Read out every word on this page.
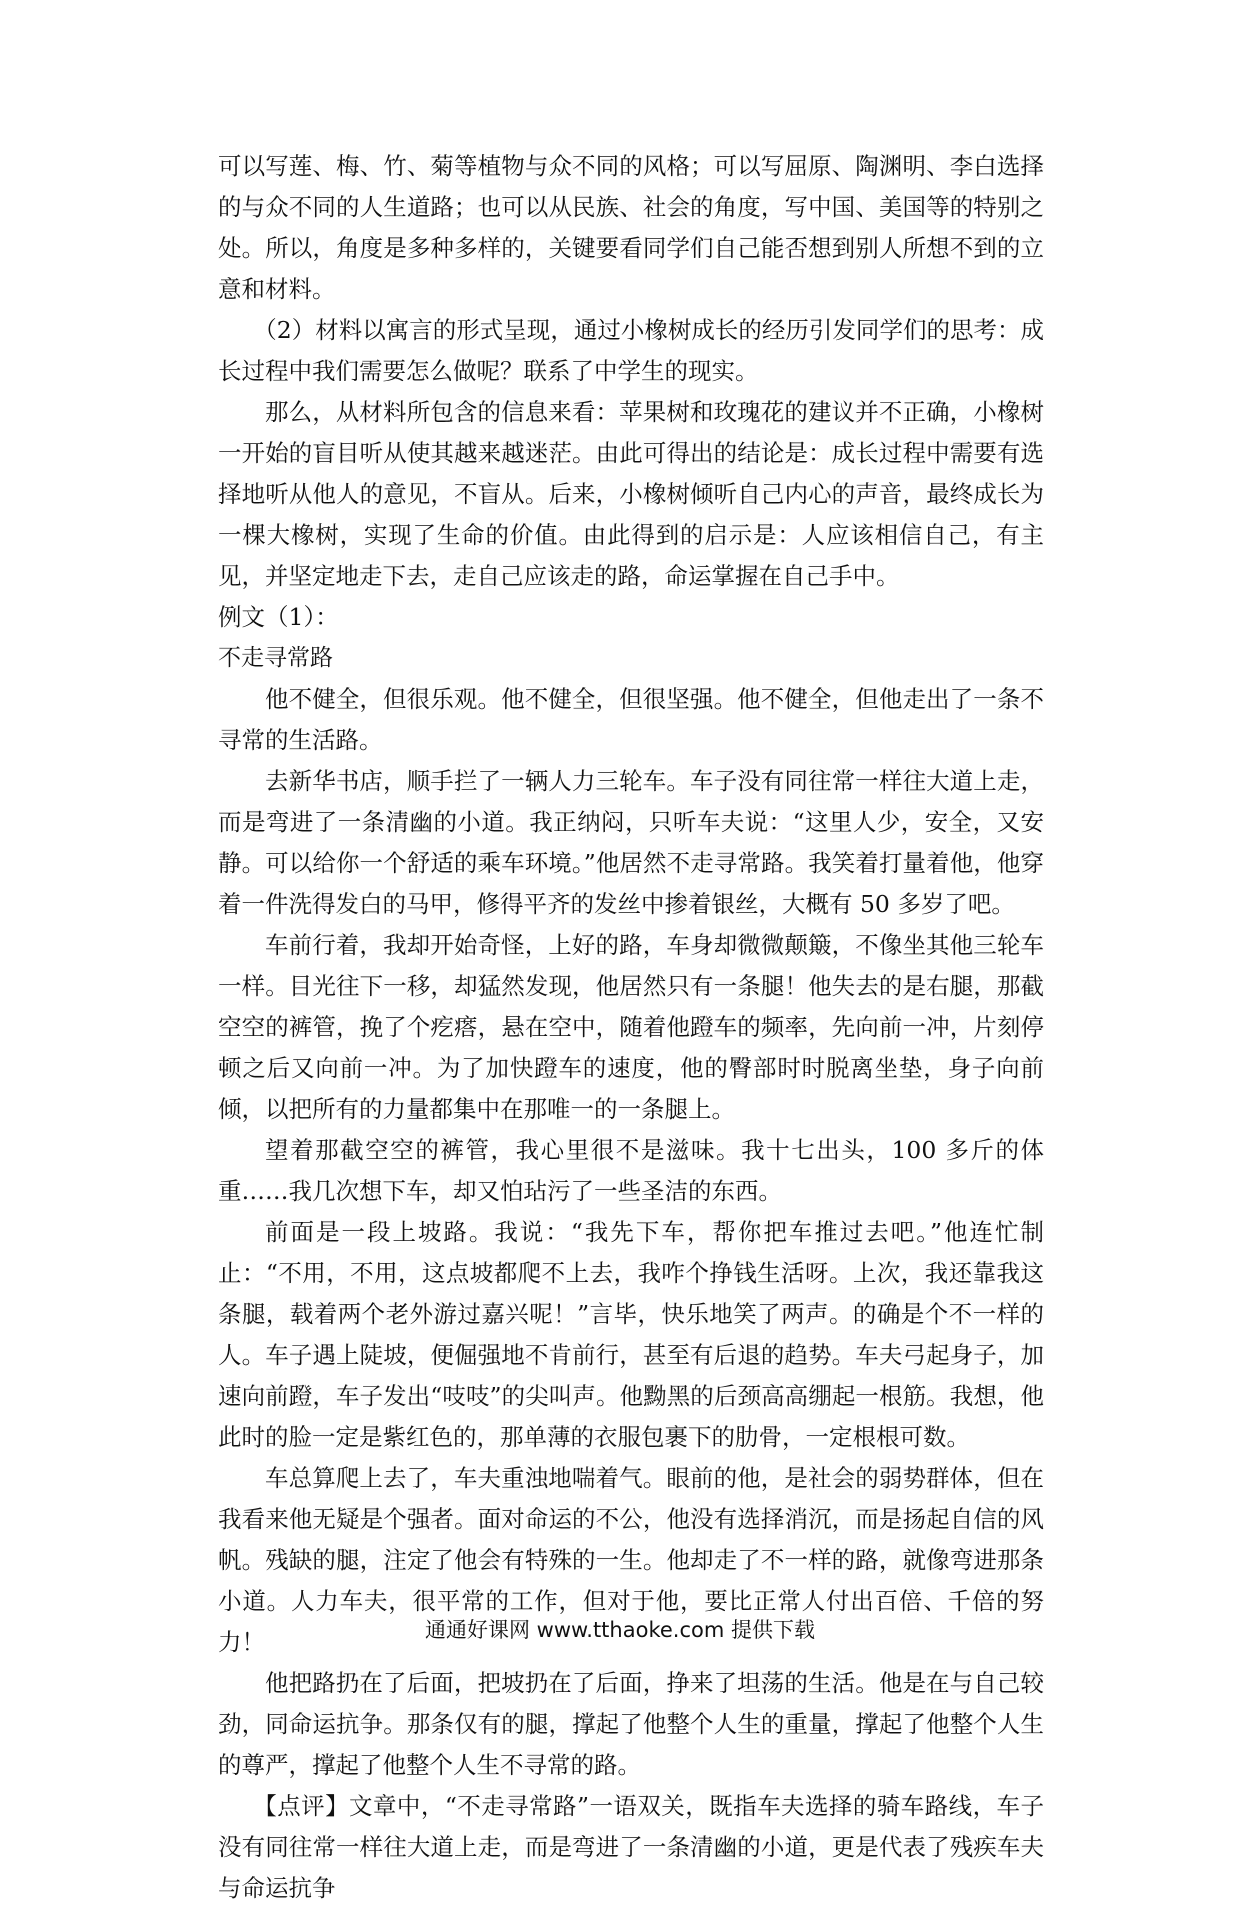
可以写莲、梅、竹、菊等植物与众不同的风格；可以写屈原、陶渊明、李白选择的与众不同的人生道路；也可以从民族、社会的角度，写中国、美国等的特别之处。所以，角度是多种多样的，关键要看同学们自己能否想到别人所想不到的立意和材料。

（2）材料以寓言的形式呈现，通过小橡树成长的经历引发同学们的思考：成长过程中我们需要怎么做呢？联系了中学生的现实。

那么，从材料所包含的信息来看：苹果树和玫瑰花的建议并不正确，小橡树一开始的盲目听从使其越来越迷茫。由此可得出的结论是：成长过程中需要有选择地听从他人的意见，不盲从。后来，小橡树倾听自己内心的声音，最终成长为一棵大橡树，实现了生命的价值。由此得到的启示是：人应该相信自己，有主见，并坚定地走下去，走自己应该走的路，命运掌握在自己手中。

例文（1）：

不走寻常路

他不健全，但很乐观。他不健全，但很坚强。他不健全，但他走出了一条不寻常的生活路。

去新华书店，顺手拦了一辆人力三轮车。车子没有同往常一样往大道上走，而是弯进了一条清幽的小道。我正纳闷，只听车夫说：“这里人少，安全，又安静。可以给你一个舒适的乘车环境。”他居然不走寻常路。我笑着打量着他，他穿着一件洗得发白的马甲，修得平齐的发丝中掺着银丝，大概有 50 多岁了吧。

车前行着，我却开始奇怪，上好的路，车身却微微颠簸，不像坐其他三轮车一样。目光往下一移，却猛然发现，他居然只有一条腿！他失去的是右腿，那截空空的裤管，挽了个疙瘩，悬在空中，随着他蹬车的频率，先向前一冲，片刻停顿之后又向前一冲。为了加快蹬车的速度，他的臀部时时脱离坐垫，身子向前倾，以把所有的力量都集中在那唯一的一条腿上。

望着那截空空的裤管，我心里很不是滋味。我十七出头，100 多斤的体重……我几次想下车，却又怕玷污了一些圣洁的东西。

前面是一段上坡路。我说：“我先下车，帮你把车推过去吧。”他连忙制止：“不用，不用，这点坡都爬不上去，我咋个挣钱生活呀。上次，我还靠我这条腿，载着两个老外游过嘉兴呢！”言毕，快乐地笑了两声。的确是个不一样的人。车子遇上陡坡，便倔强地不肯前行，甚至有后退的趋势。车夫弓起身子，加速向前蹬，车子发出“吱吱”的尖叫声。他黝黑的后颈高高绷起一根筋。我想，他此时的脸一定是紫红色的，那单薄的衣服包裹下的肋骨，一定根根可数。

车总算爬上去了，车夫重浊地喘着气。眼前的他，是社会的弱势群体，但在我看来他无疑是个强者。面对命运的不公，他没有选择消沉，而是扬起自信的风帆。残缺的腿，注定了他会有特殊的一生。他却走了不一样的路，就像弯进那条小道。人力车夫，很平常的工作，但对于他，要比正常人付出百倍、千倍的努力！

他把路扔在了后面，把坡扔在了后面，挣来了坦荡的生活。他是在与自己较劲，同命运抗争。那条仅有的腿，撑起了他整个人生的重量，撑起了他整个人生的尊严，撑起了他整个人生不寻常的路。

【点评】文章中，“不走寻常路”一语双关，既指车夫选择的骑车路线，车子没有同往常一样往大道上走，而是弯进了一条清幽的小道，更是代表了残疾车夫与命运抗争

通通好课网 www.tthaoke.com 提供下载
